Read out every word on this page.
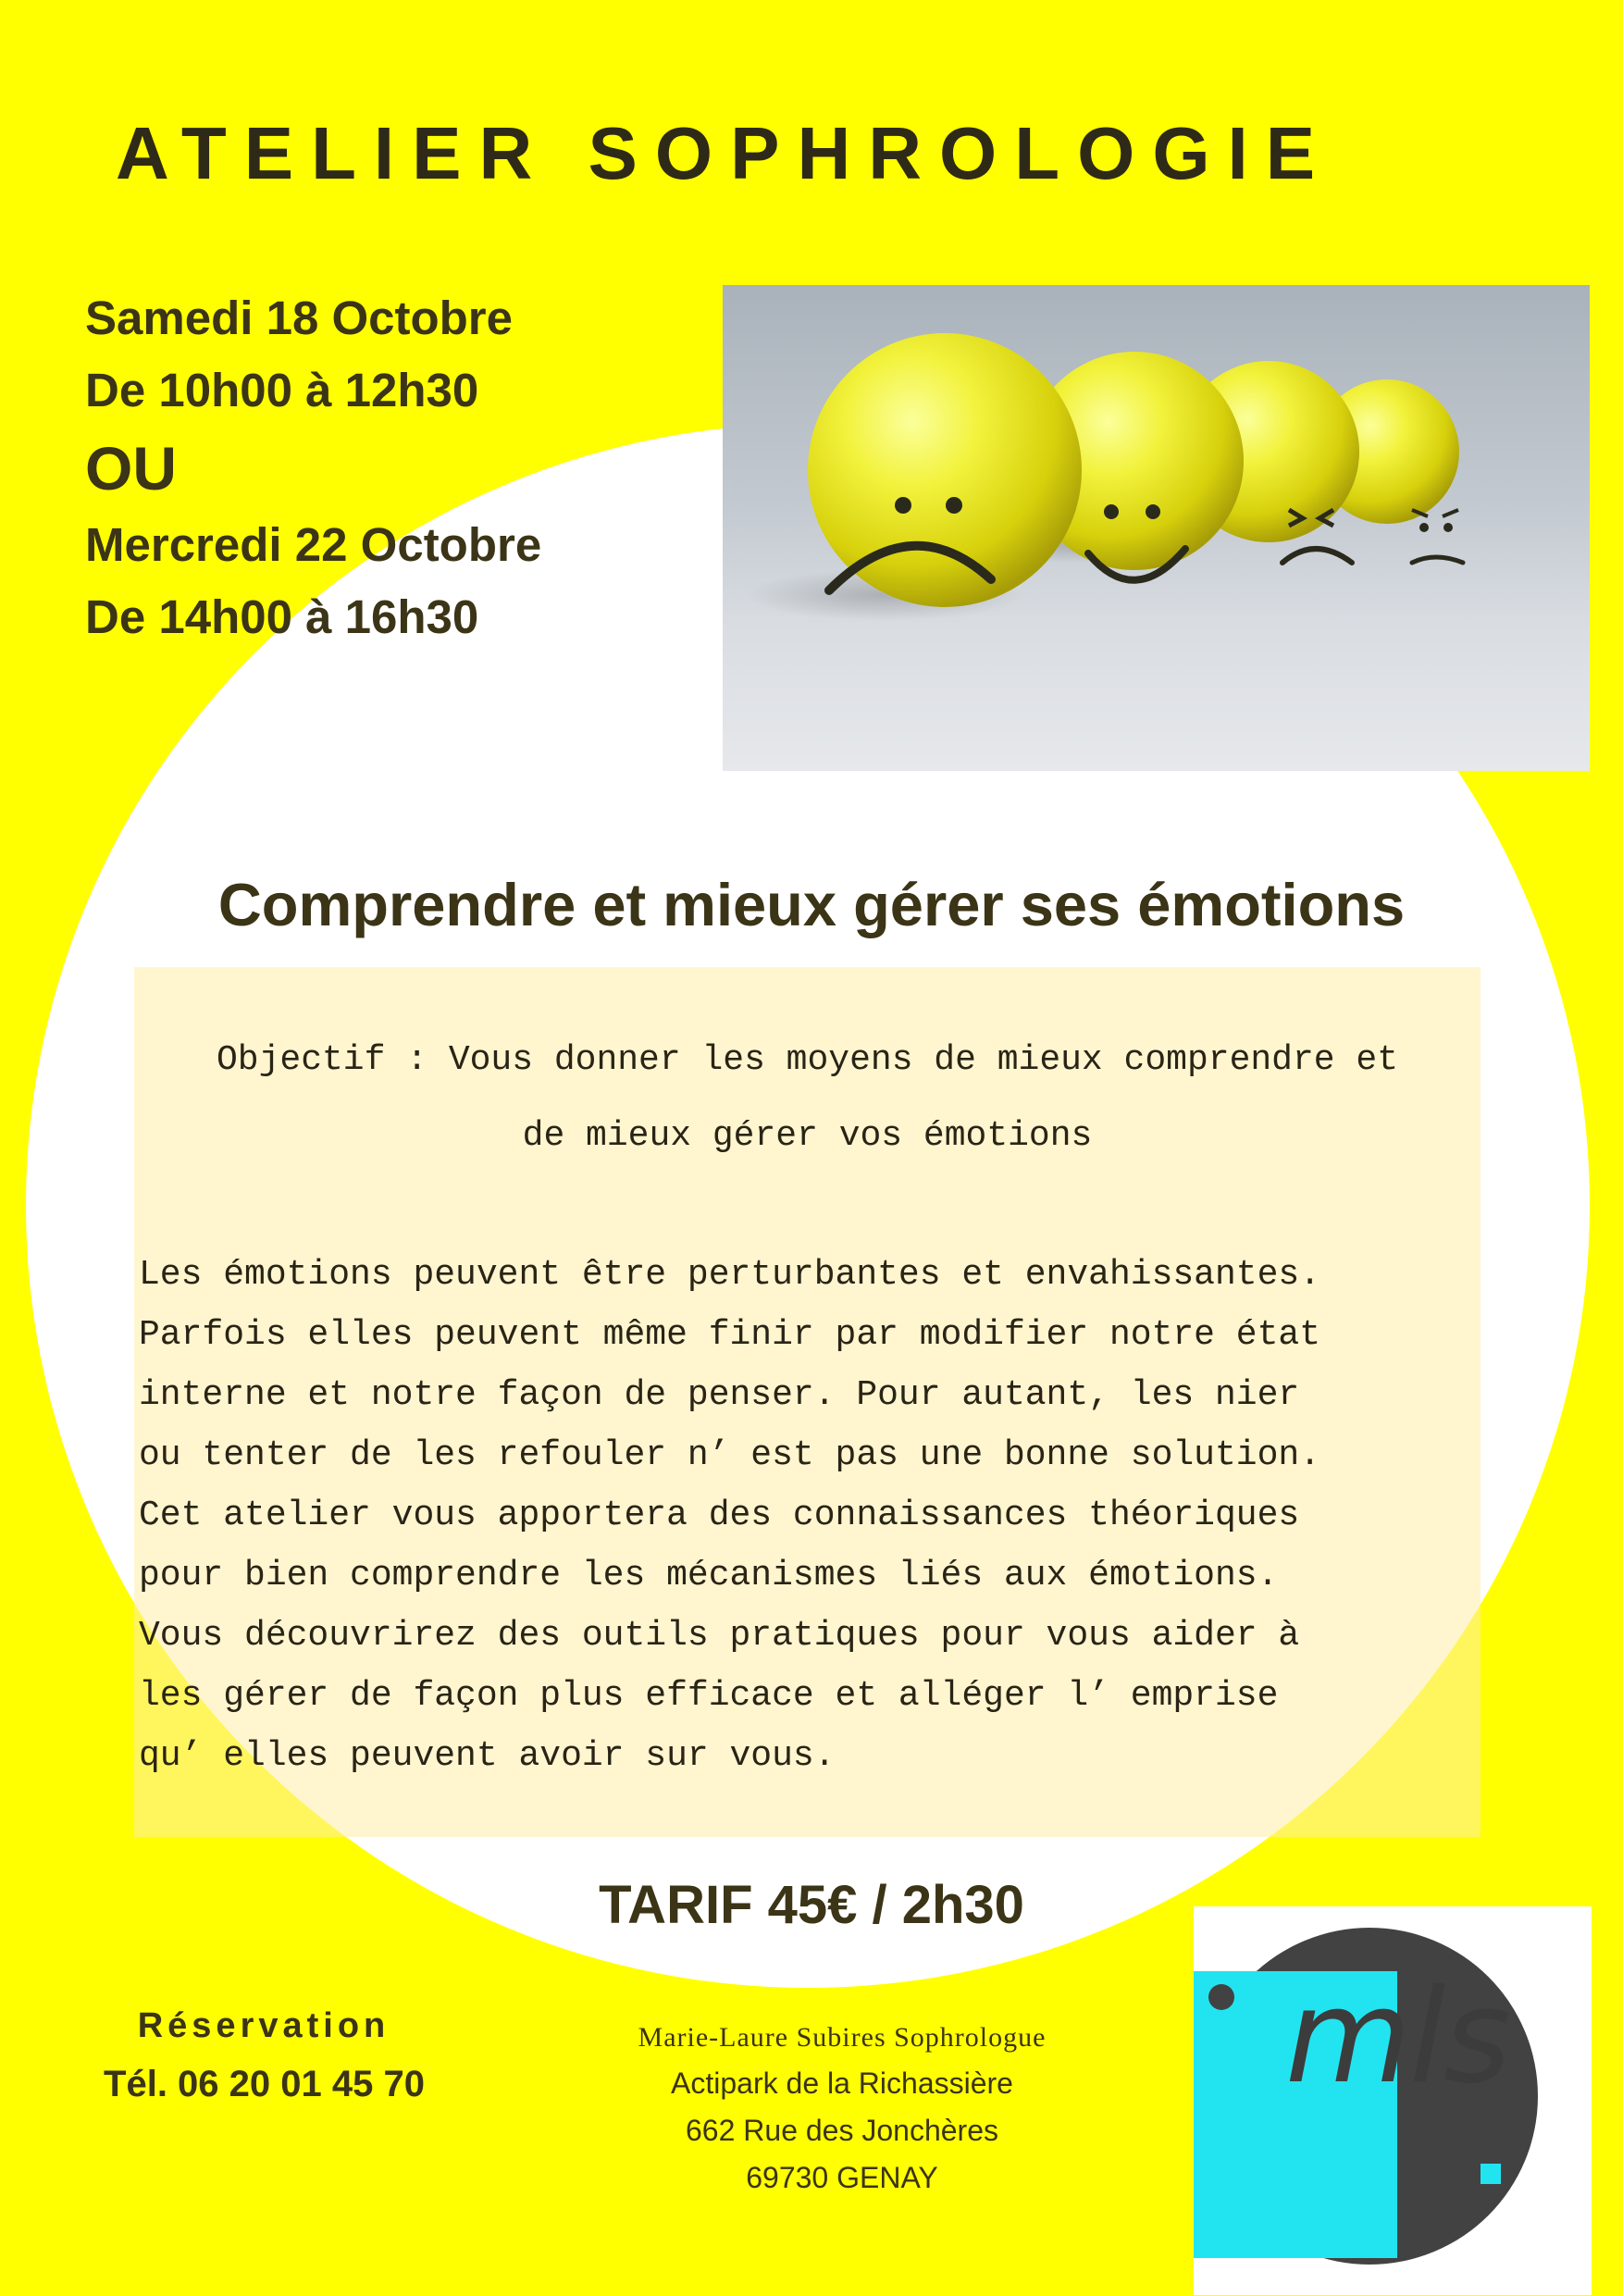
ATELIER SOPHROLOGIE
Samedi 18 Octobre
De 10h00 à 12h30
OU
Mercredi 22 Octobre
De 14h00 à 16h30
Comprendre et mieux gérer ses émotions
Objectif : Vous donner les moyens de mieux comprendre et
de mieux gérer vos émotions
Les émotions peuvent être perturbantes et envahissantes.
Parfois elles peuvent même finir par modifier notre état
interne et notre façon de penser. Pour autant, les nier
ou tenter de les refouler n’ est pas une bonne solution.
Cet atelier vous apportera des connaissances théoriques
pour bien comprendre les mécanismes liés aux émotions.
Vous découvrirez des outils pratiques pour vous aider à
les gérer de façon plus efficace et alléger l’ emprise
qu’ elles peuvent avoir sur vous.
TARIF 45€ / 2h30
Réservation
Tél. 06 20 01 45 70
Marie-Laure Subires Sophrologue
Actipark de la Richassière
662 Rue des Jonchères
69730 GENAY
mls
